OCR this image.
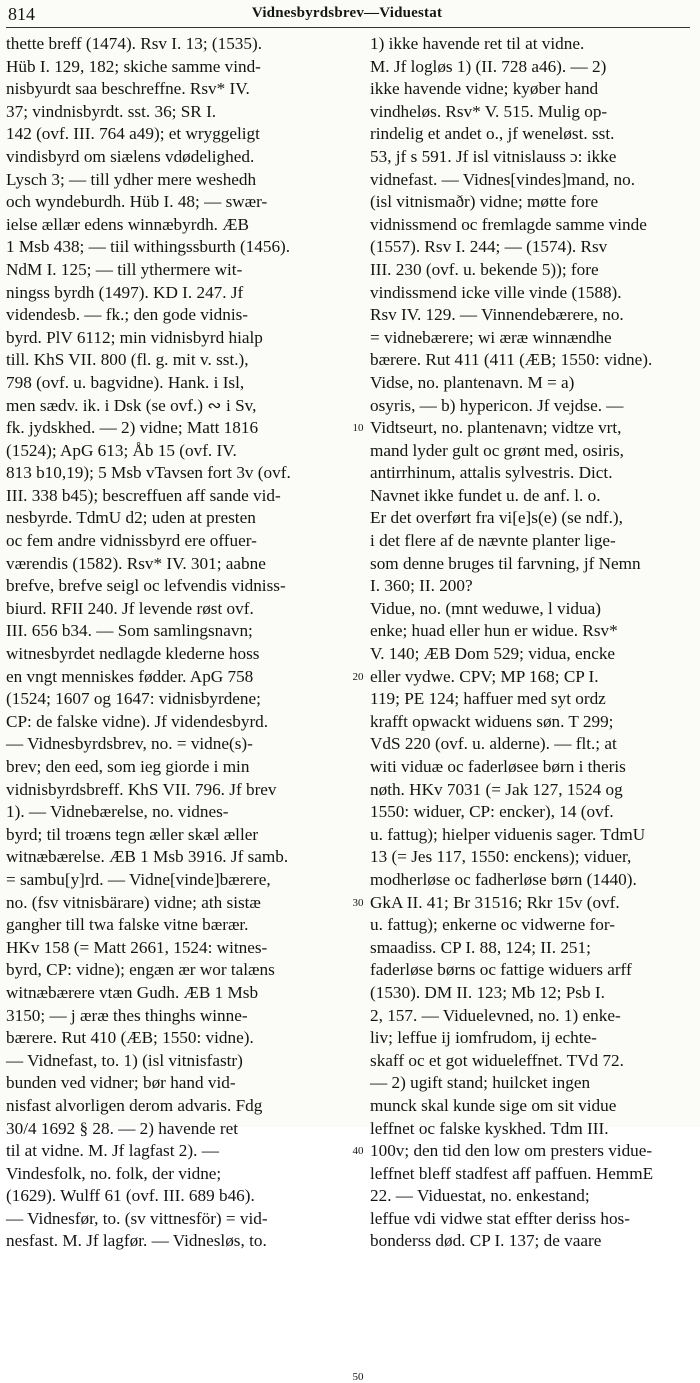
814	Vidnesbyrdsbrev—Viduestat
thette breff (1474). Rsv I. 13; (1535).
Hüb I. 129, 182; skiche samme vind-
nisbyurdt saa beschreffne. Rsv* IV.
37; vindnisbyrdt. sst. 36; SR I.
142 (ovf. III. 764 a49); et wryggeligt
vindisbyrd om siælens vdødelighed.
Lysch 3; — till ydher mere weshedh
och wyndeburdh. Hüb I. 48; — swær-
ielse ællær edens winnæbyrdh. ÆB
1 Msb 438; — tiil withingssburth (1456).
NdM I. 125; — till ythermere wit-
ningss byrdh (1497). KD I. 247. Jf
videndesb. — fk.; den gode vidnis-
byrd. PlV 6112; min vidnisbyrd hialp
till. KhS VII. 800 (fl. g. mit v. sst.),
798 (ovf. u. bagvidne). Hank. i Isl,
men sædv. ik. i Dsk (se ovf.) ∾ i Sv,
fk. jydskhed. — 2) vidne; Matt 1816
(1524); ApG 613; Åb 15 (ovf. IV.
813 b10,19); 5 Msb vTavsen fort 3v (ovf.
III. 338 b45); bescreffuen aff sande vid-
nesbyrde. TdmU d2; uden at presten
oc fem andre vidnissbyrd ere offuer-
værendis (1582). Rsv* IV. 301; aabne
brefve, brefve seigl oc lefvendis vidniss-
biurd. RFII 240. Jf levende røst ovf.
III. 656 b34. — Som samlingsnavn;
witnesbyrdet nedlagde klederne hoss
en vngt menniskes fødder. ApG 758
(1524; 1607 og 1647: vidnisbyrdene;
CP: de falske vidne). Jf videndesbyrd.
— Vidnesbyrdsbrev, no. = vidne(s)-
brev; den eed, som ieg giorde i min
vidnisbyrdsbreff. KhS VII. 796. Jf brev
1). — Vidnebærelse, no. vidnes-
byrd; til troæns tegn æller skæl æller
witnæbærelse. ÆB 1 Msb 3916. Jf samb.
= sambu[y]rd. — Vidne[vinde]bærere,
no. (fsv vitnisbärare) vidne; ath sistæ
gangher till twa falske vitne bærær.
HKv 158 (= Matt 2661, 1524: witnes-
byrd, CP: vidne); engæn ær wor talæns
witnæbærere vtæn Gudh. ÆB 1 Msb
3150; — j æræ thes thinghs winne-
bærere. Rut 410 (ÆB; 1550: vidne).
— Vidnefast, to. 1) (isl vitnisfastr)
bunden ved vidner; bør hand vid-
nisfast alvorligen derom advaris. Fdg
30/4 1692 § 28. — 2) havende ret
til at vidne. M. Jf lagfast 2). —
Vindesfolk, no. folk, der vidne;
(1629). Wulff 61 (ovf. III. 689 b46).
— Vidnesfør, to. (sv vittnesför) = vid-
nesfast. M. Jf lagfør. — Vidnesløs, to.
10
20
30
40
50
1) ikke havende ret til at vidne.
M. Jf logløs 1) (II. 728 a46). — 2)
ikke havende vidne; kyøber hand
vindheløs. Rsv* V. 515. Mulig op-
rindelig et andet o., jf weneløst. sst.
53, jf s 591. Jf isl vitnislauss ɔ: ikke
vidnefast. — Vidnes[vindes]mand, no.
(isl vitnismaðr) vidne; møtte fore
vidnissmend oc fremlagde samme vinde
(1557). Rsv I. 244; — (1574). Rsv
III. 230 (ovf. u. bekende 5)); fore
vindissmend icke ville vinde (1588).
Rsv IV. 129. — Vinnendebærere, no.
= vidnebærere; wi æræ winnændhe
bærere. Rut 411 (411 (ÆB; 1550: vidne).
Vidse, no. plantenavn. M = a)
osyris, — b) hypericon. Jf vejdse. —
Vidtseurt, no. plantenavn; vidtze vrt,
mand lyder gult oc grønt med, osiris,
antirrhinum, attalis sylvestris. Dict.
Navnet ikke fundet u. de anf. l. o.
Er det overført fra vi[e]s(e) (se ndf.),
i det flere af de nævnte planter lige-
som denne bruges til farvning, jf Nemn
I. 360; II. 200?
Vidue, no. (mnt weduwe, l vidua)
enke; huad eller hun er widue. Rsv*
V. 140; ÆB Dom 529; vidua, encke
eller vydwe. CPV; MP 168; CP I.
119; PE 124; haffuer med syt ordz
krafft opwackt widuens søn. T 299;
VdS 220 (ovf. u. alderne). — flt.; at
witi viduæ oc faderløsee børn i theris
nøth. HKv 7031 (= Jak 127, 1524 og
1550: widuer, CP: encker), 14 (ovf.
u. fattug); hielper viduenis sager. TdmU
13 (= Jes 117, 1550: enckens); viduer,
modherløse oc fadherløse børn (1440).
GkA II. 41; Br 31516; Rkr 15v (ovf.
u. fattug); enkerne oc vidwerne for-
smaadiss. CP I. 88, 124; II. 251;
faderløse børns oc fattige widuers arff
(1530). DM II. 123; Mb 12; Psb I.
2, 157. — Viduelevned, no. 1) enke-
liv; leffue ij iomfrudom, ij echte-
skaff oc et got widueleffnet. TVd 72.
— 2) ugift stand; huilcket ingen
munck skal kunde sige om sit vidue
leffnet oc falske kyskhed. Tdm III.
100v; den tid den low om presters vidue-
leffnet bleff stadfest aff paffuen. HemmE
22. — Viduestat, no. enkestand;
leffue vdi vidwe stat effter deriss hos-
bonderss død. CP I. 137; de vaare
